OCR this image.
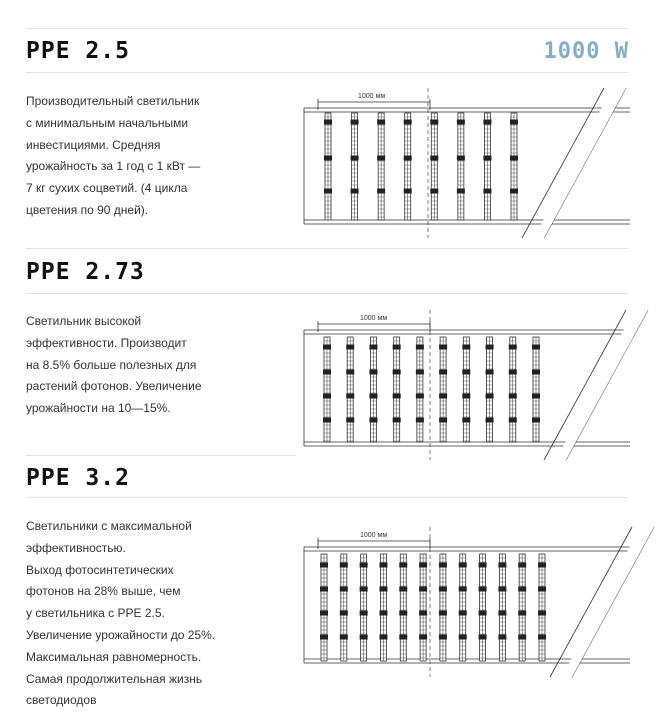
PPE 2.5	1000 W
Производительный светильник
с минимальным начальными
инвестициями. Средняя
урожайность за 1 год с 1 кВт —
7 кг сухих соцветий. (4 цикла
цветения по 90 дней).
1000 мм
PPE 2.73
Светильник высокой
эффективности. Производит
на 8.5% больше полезных для
растений фотонов. Увеличение
урожайности на 10—15%.
1000 мм
PPE 3.2
Светильники с максимальной
эффективностью.
Выход фотосинтетических
фотонов на 28% выше, чем
у светильника с PPE 2.5.
Увеличение урожайности до 25%.
Максимальная равномерность.
Самая продолжительная жизнь
светодиодов
1000 мм
